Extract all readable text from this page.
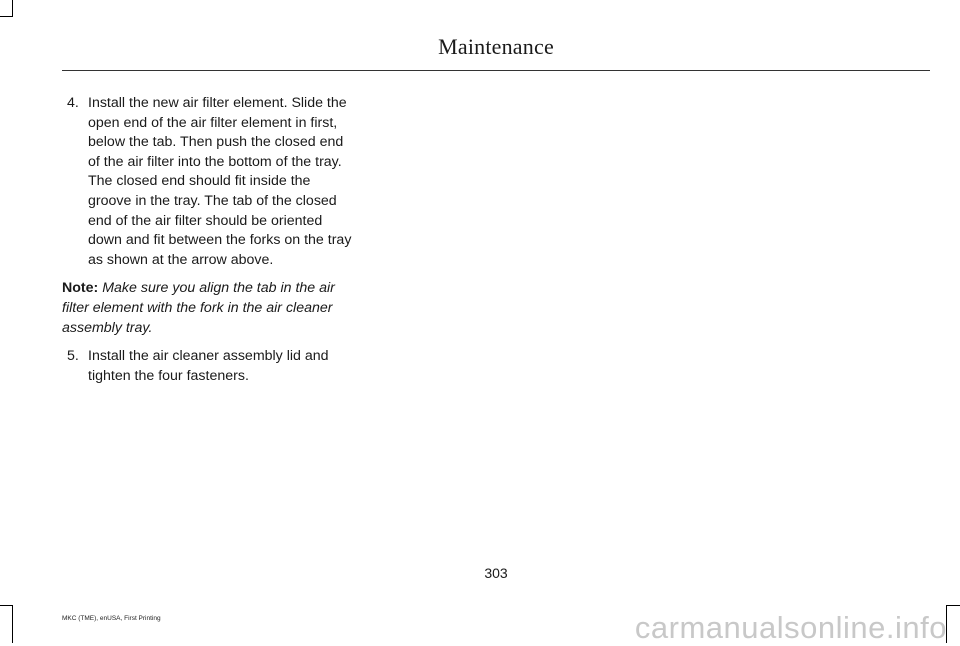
Maintenance
4. Install the new air filter element. Slide the open end of the air filter element in first, below the tab. Then push the closed end of the air filter into the bottom of the tray. The closed end should fit inside the groove in the tray. The tab of the closed end of the air filter should be oriented down and fit between the forks on the tray as shown at the arrow above.

Note: Make sure you align the tab in the air filter element with the fork in the air cleaner assembly tray.

5. Install the air cleaner assembly lid and tighten the four fasteners.
303
MKC (TME), enUSA, First Printing	carmanualsonline.info
